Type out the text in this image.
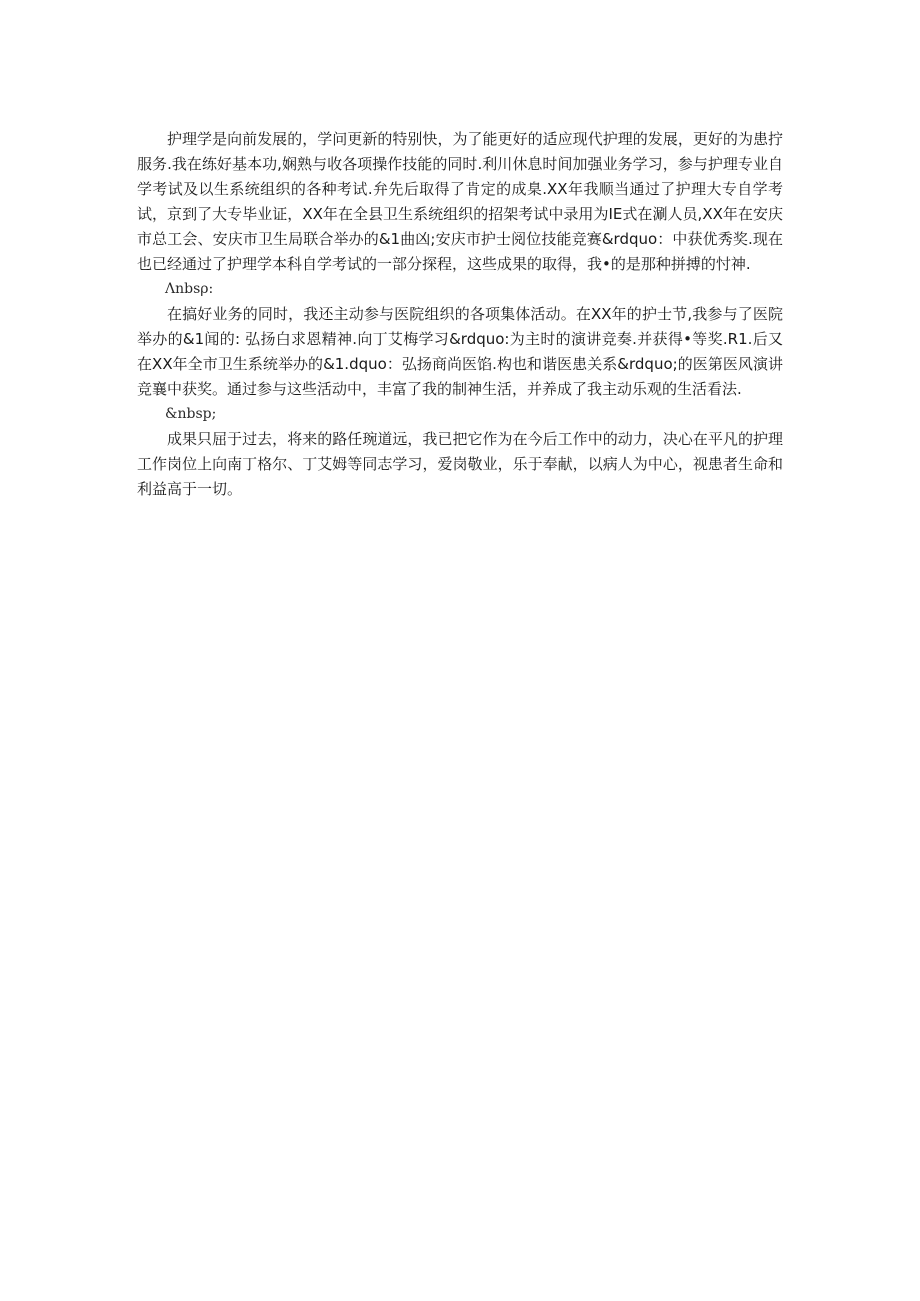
护理学是向前发展的，学问更新的特别快，为了能更好的适应现代护理的发展，更好的为患拧服务.我在练好基本功,娴熟与收各项操作技能的同时.利川休息时间加强业务学习，参与护理专业自学考试及以生系统组织的各种考试.弁先后取得了肯定的成臬.XX年我顺当通过了护理大专自学考试，京到了大专毕业证，XX年在全县卫生系统组织的招架考试中录用为IE式在涮人员,XX年在安庆市总工会、安庆市卫生局联合举办的&1曲凶;安庆市护士阅位技能竞赛&rdquo：中获优秀奖.现在也已经通过了护理学本科自学考试的一部分探程，这些成果的取得，我•的是那种拼搏的忖神.

Λnbsρ:

在搞好业务的同时，我还主动参与医院组织的各项集体活动。在XX年的护士节,我参与了医院举办的&1闻的: 弘扬白求恩精神.向丁艾梅学习&rdquo:为主时的演讲竞奏.并获得•等奖.R1.后又在XX年全市卫生系统举办的&1.dquo：弘扬商尚医馅.构也和谐医患关系&rdquo;的医第医风演讲竞襄中获奖。通过参与这些活动中，丰富了我的制神生活，并养成了我主动乐观的生活看法.

&nbsp;

成果只屈于过去，将来的路任琬道远，我已把它作为在今后工作中的动力，决心在平凡的护理工作岗位上向南丁格尔、丁艾姆等同志学习，爱岗敬业，乐于奉献，以病人为中心，视患者生命和利益高于一切。
